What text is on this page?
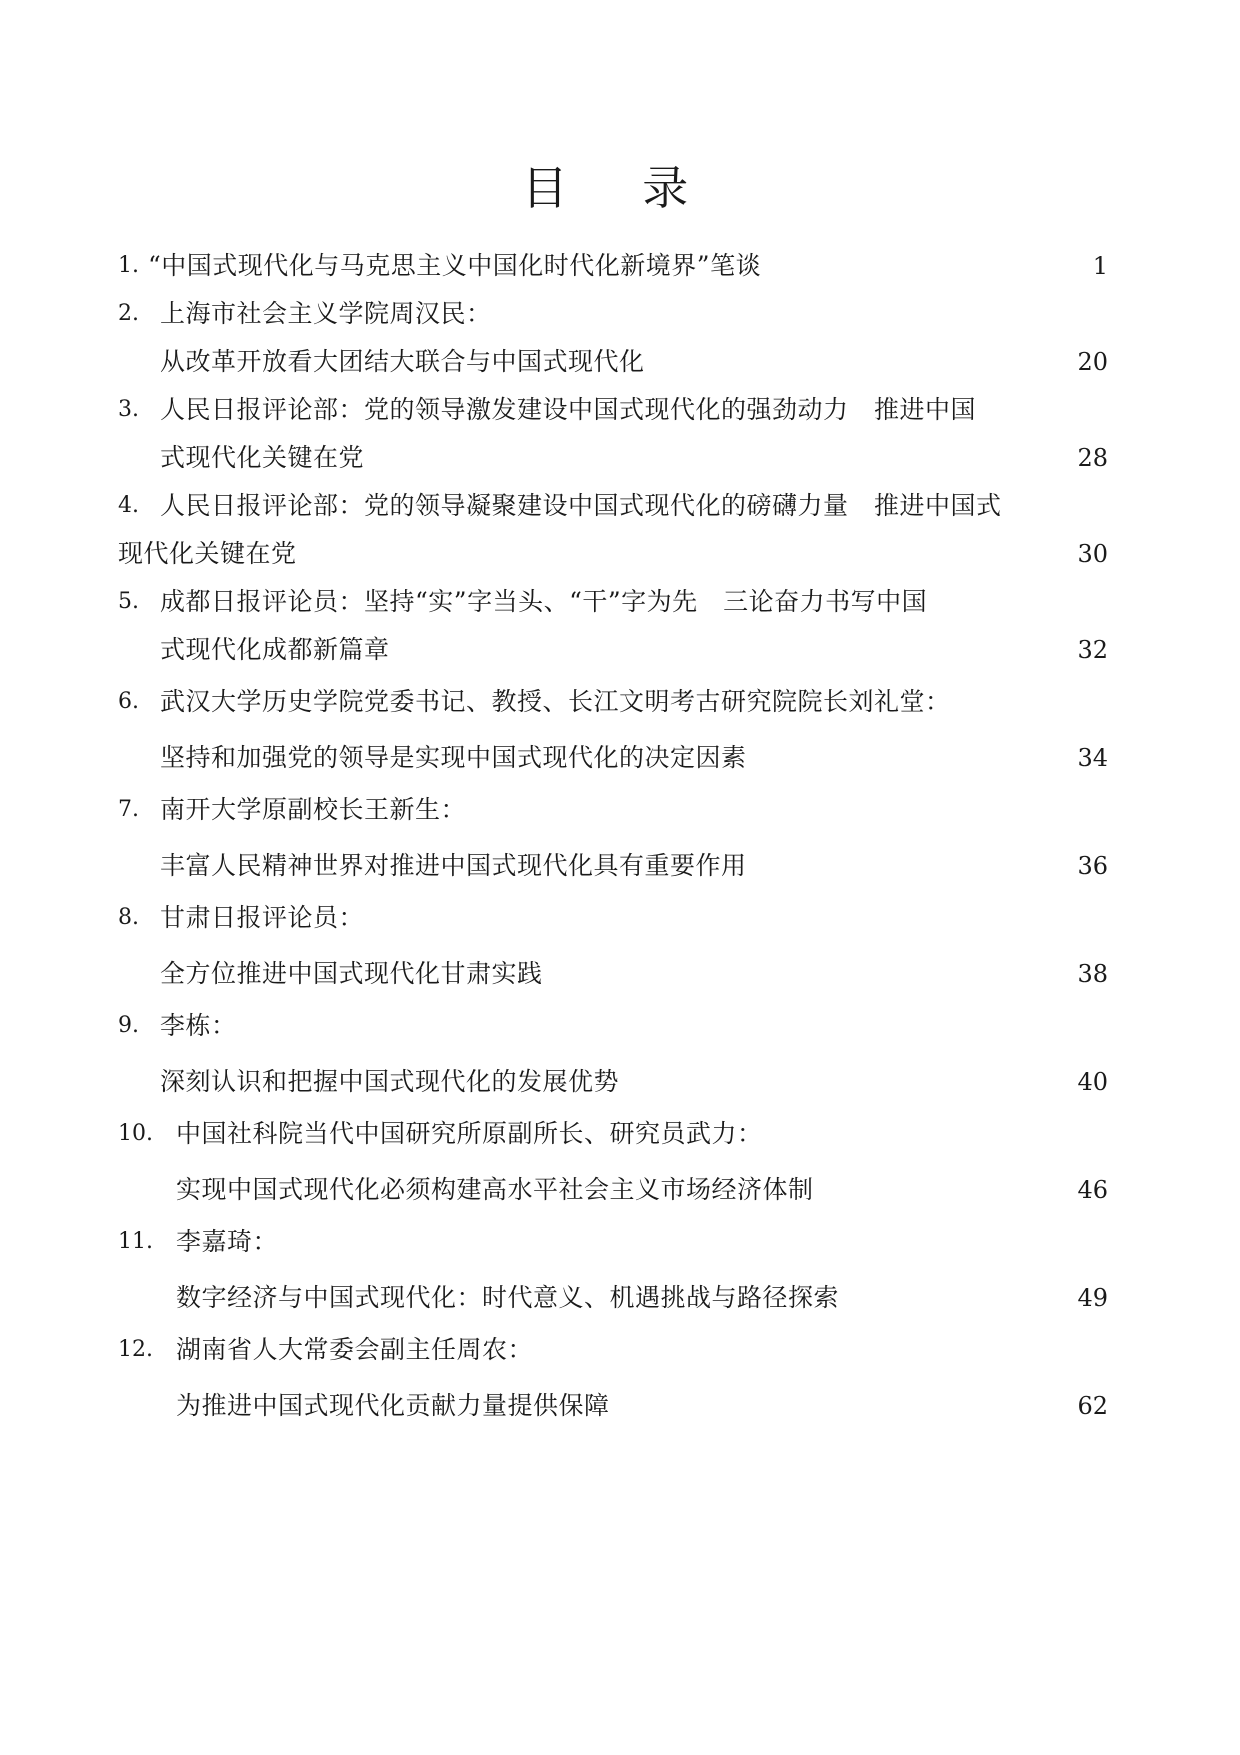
目 录
1. “中国式现代化与马克思主义中国化时代化新境界”笔谈	1
2. 上海市社会主义学院周汉民：
从改革开放看大团结大联合与中国式现代化	20
3. 人民日报评论部：党的领导激发建设中国式现代化的强劲动力　推进中国
式现代化关键在党	28
4. 人民日报评论部：党的领导凝聚建设中国式现代化的磅礴力量　推进中国式
现代化关键在党	30
5. 成都日报评论员：坚持“实”字当头、“干”字为先　三论奋力书写中国
式现代化成都新篇章	32
6. 武汉大学历史学院党委书记、教授、长江文明考古研究院院长刘礼堂：
坚持和加强党的领导是实现中国式现代化的决定因素	34
7. 南开大学原副校长王新生：
丰富人民精神世界对推进中国式现代化具有重要作用	36
8. 甘肃日报评论员：
全方位推进中国式现代化甘肃实践	38
9. 李栋：
深刻认识和把握中国式现代化的发展优势	40
10. 中国社科院当代中国研究所原副所长、研究员武力：
实现中国式现代化必须构建高水平社会主义市场经济体制	46
11. 李嘉琦：
数字经济与中国式现代化：时代意义、机遇挑战与路径探索	49
12. 湖南省人大常委会副主任周农：
为推进中国式现代化贡献力量提供保障	62
